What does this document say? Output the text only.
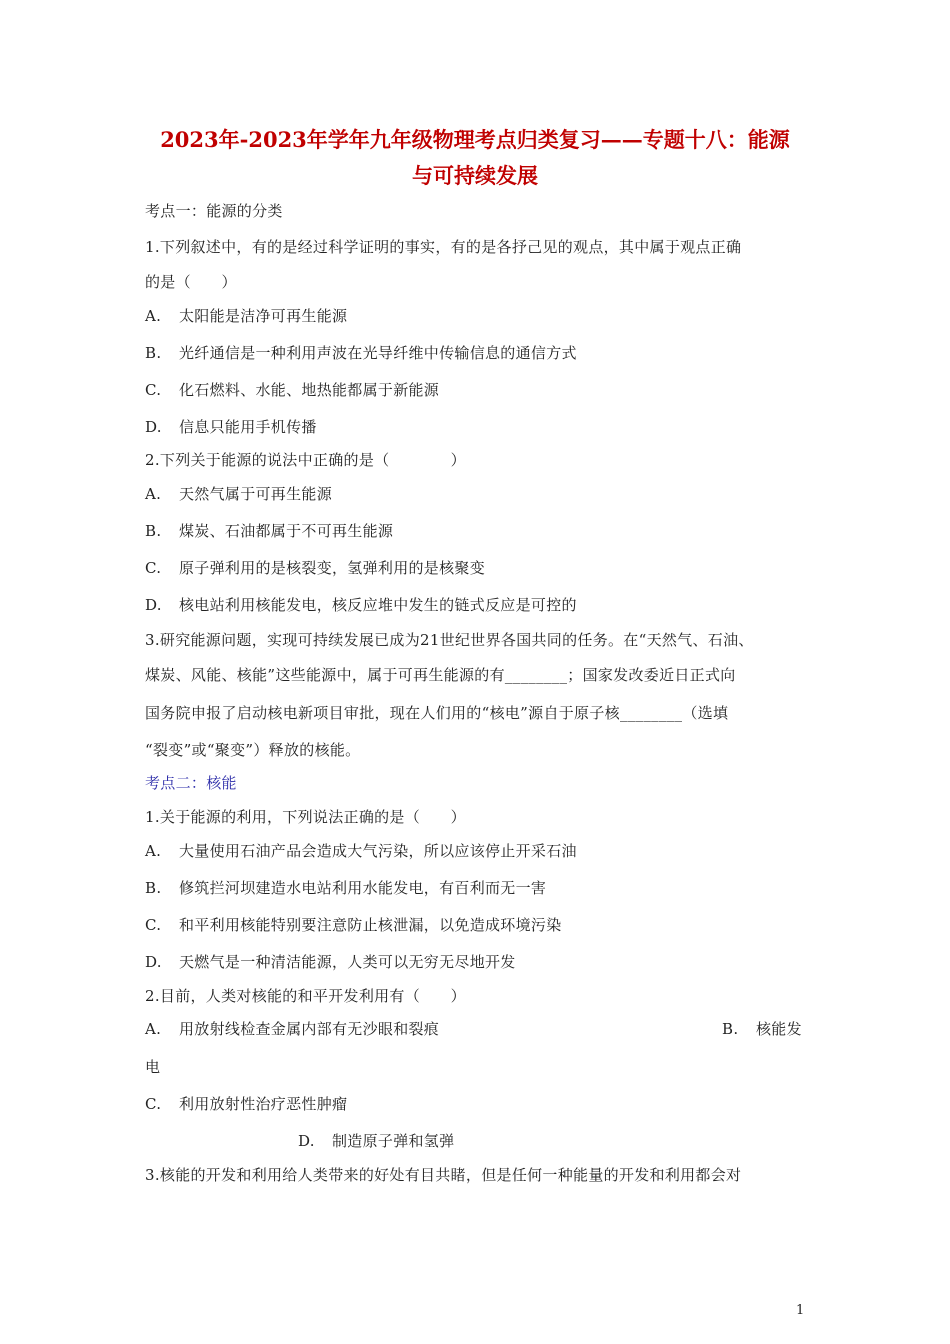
2023年-2023年学年九年级物理考点归类复习——专题十八：能源
与可持续发展
考点一：能源的分类
1.下列叙述中，有的是经过科学证明的事实，有的是各抒己见的观点，其中属于观点正确
的是（　　）
A. 太阳能是洁净可再生能源
B. 光纤通信是一种利用声波在光导纤维中传输信息的通信方式
C. 化石燃料、水能、地热能都属于新能源
D. 信息只能用手机传播
2.下列关于能源的说法中正确的是（　　　　）
A. 天然气属于可再生能源
B. 煤炭、石油都属于不可再生能源
C. 原子弹利用的是核裂变，氢弹利用的是核聚变
D. 核电站利用核能发电，核反应堆中发生的链式反应是可控的
3.研究能源问题，实现可持续发展已成为21世纪世界各国共同的任务。在“天然气、石油、
煤炭、风能、核能”这些能源中，属于可再生能源的有________；国家发改委近日正式向
国务院申报了启动核电新项目审批，现在人们用的“核电”源自于原子核________（选填
“裂变”或“聚变”）释放的核能。
考点二：核能
1.关于能源的利用，下列说法正确的是（　　）
A. 大量使用石油产品会造成大气污染，所以应该停止开采石油
B. 修筑拦河坝建造水电站利用水能发电，有百利而无一害
C. 和平利用核能特别要注意防止核泄漏，以免造成环境污染
D. 天燃气是一种清洁能源，人类可以无穷无尽地开发
2.目前，人类对核能的和平开发利用有（　　）
A. 用放射线检查金属内部有无沙眼和裂痕	B. 核能发
电
C. 利用放射性治疗恶性肿瘤
D. 制造原子弹和氢弹
3.核能的开发和利用给人类带来的好处有目共睹，但是任何一种能量的开发和利用都会对
1
